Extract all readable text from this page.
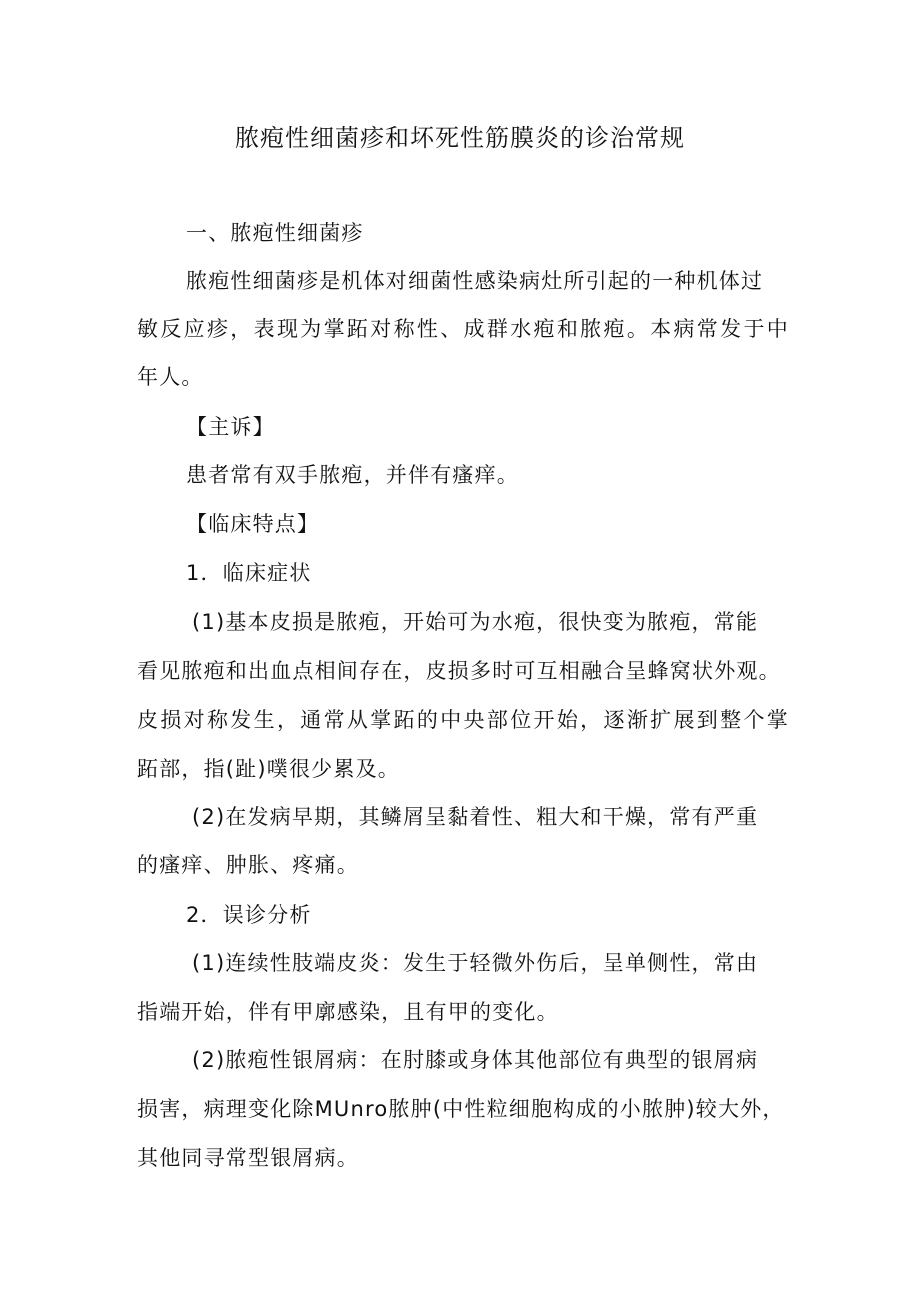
脓疱性细菌疹和坏死性筋膜炎的诊治常规
一、脓疱性细菌疹
脓疱性细菌疹是机体对细菌性感染病灶所引起的一种机体过
敏反应疹，表现为掌跖对称性、成群水疱和脓疱。本病常发于中
年人。
【主诉】
患者常有双手脓疱，并伴有瘙痒。
【临床特点】
1．临床症状
(1)基本皮损是脓疱，开始可为水疱，很快变为脓疱，常能
看见脓疱和出血点相间存在，皮损多时可互相融合呈蜂窝状外观。
皮损对称发生，通常从掌跖的中央部位开始，逐渐扩展到整个掌
跖部，指(趾)噗很少累及。
(2)在发病早期，其鳞屑呈黏着性、粗大和干燥，常有严重
的瘙痒、肿胀、疼痛。
2．误诊分析
(1)连续性肢端皮炎：发生于轻微外伤后，呈单侧性，常由
指端开始，伴有甲廓感染，且有甲的变化。
(2)脓疱性银屑病：在肘膝或身体其他部位有典型的银屑病
损害，病理变化除MUnro脓肿(中性粒细胞构成的小脓肿)较大外，
其他同寻常型银屑病。
